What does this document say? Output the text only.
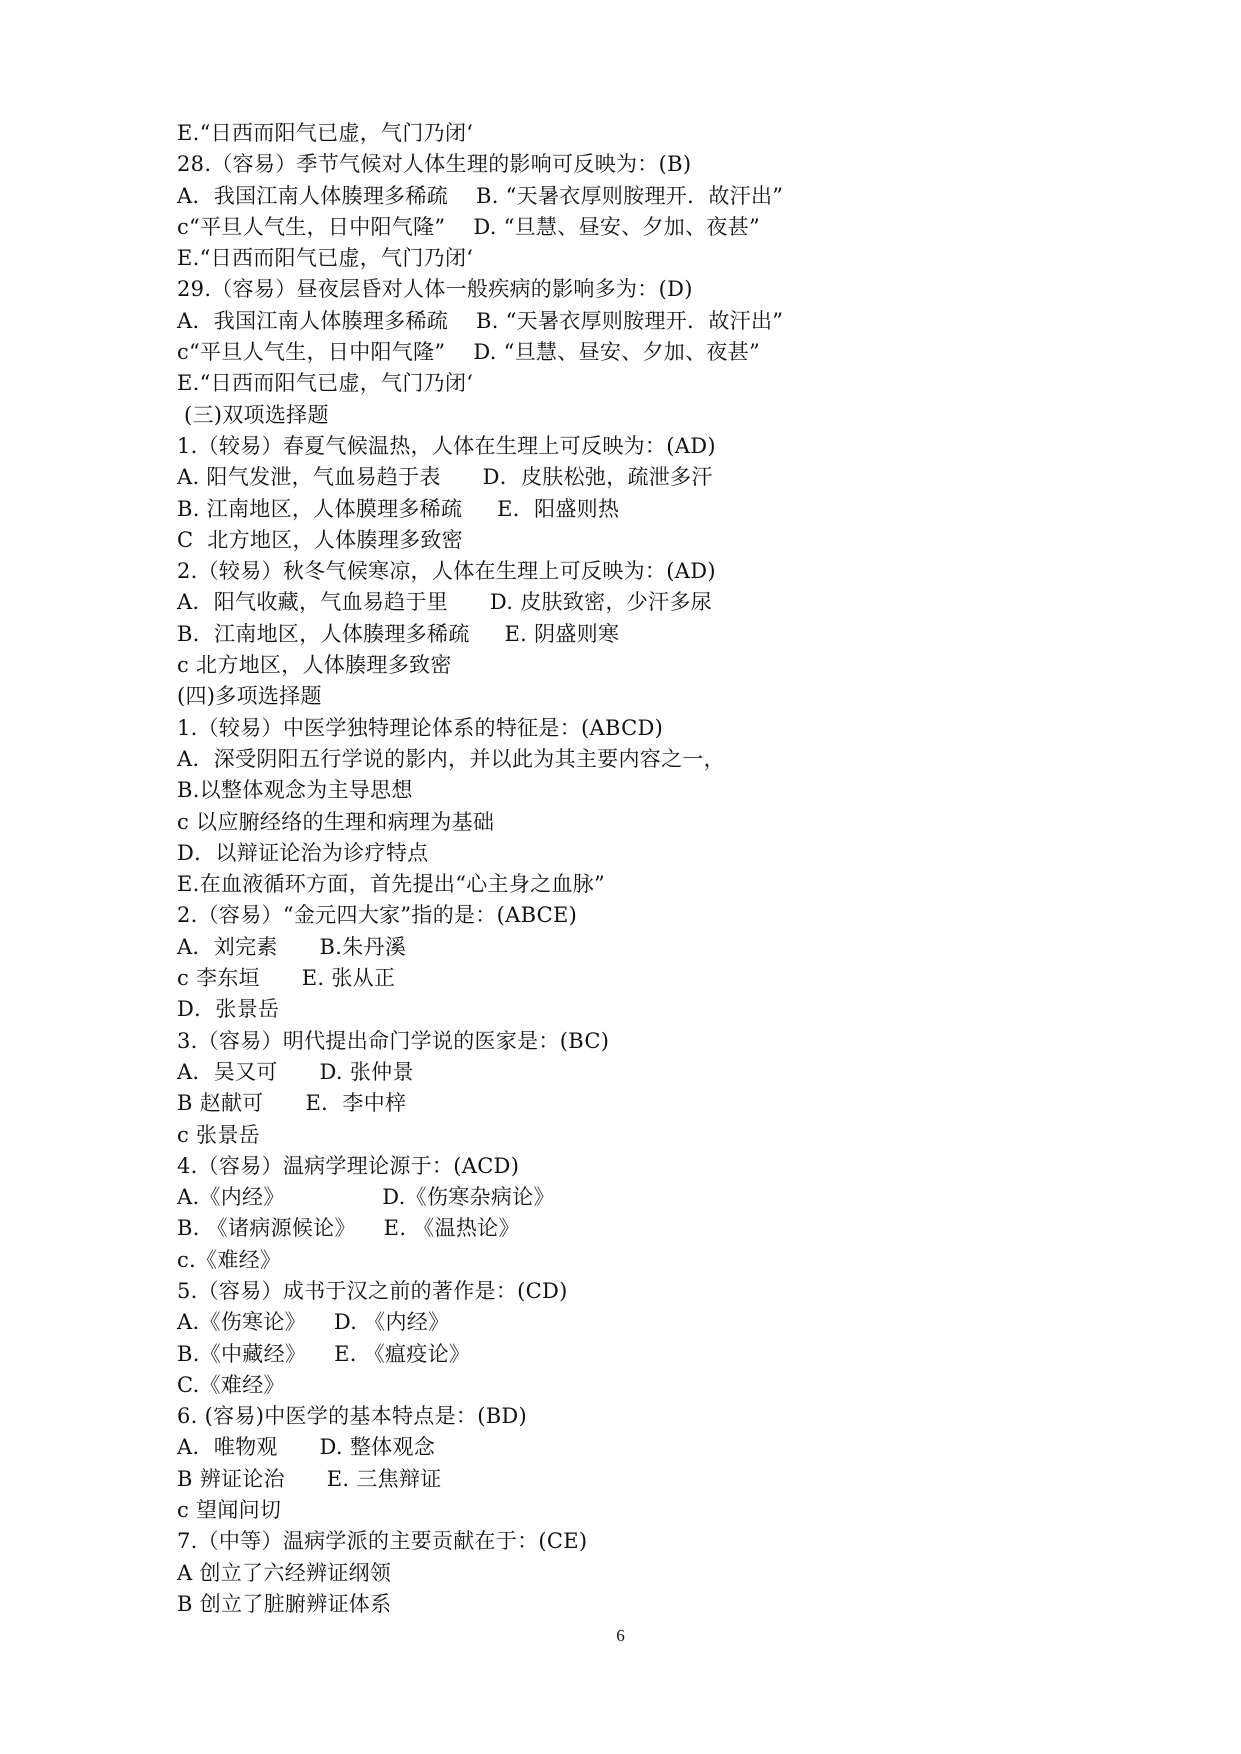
E.“日西而阳气已虚，气门乃闭‘
28.（容易）季节气候对人体生理的影响可反映为：(B)
A．我国江南人体腠理多稀疏    B. “天暑衣厚则胺理开．故汗出”
c“平旦人气生，日中阳气隆”    D. “旦慧、昼安、夕加、夜甚”
E.“日西而阳气已虚，气门乃闭‘
29.（容易）昼夜层昏对人体一般疾病的影响多为：(D)
A．我国江南人体腠理多稀疏    B. “天暑衣厚则胺理开．故汗出”
c“平旦人气生，日中阳气隆”    D. “旦慧、昼安、夕加、夜甚”
E.“日西而阳气已虚，气门乃闭‘
(三)双项选择题
1.（较易）春夏气候温热，人体在生理上可反映为：(AD)
A. 阳气发泄，气血易趋于表      D．皮肤松弛，疏泄多汗
B. 江南地区，人体膜理多稀疏     E．阳盛则热
C  北方地区，人体腠理多致密
2.（较易）秋冬气候寒凉，人体在生理上可反映为：(AD)
A．阳气收藏，气血易趋于里      D. 皮肤致密，少汗多尿
B．江南地区，人体腠理多稀疏     E. 阴盛则寒
c 北方地区，人体腠理多致密
(四)多项选择题
1.（较易）中医学独特理论体系的特征是：(ABCD)
A．深受阴阳五行学说的影内，并以此为其主要内容之一，
B.以整体观念为主导思想
c 以应腑经络的生理和病理为基础
D．以辩证论治为诊疗特点
E.在血液循环方面，首先提出“心主身之血脉”
2.（容易）“金元四大家”指的是：(ABCE)
A．刘完素      B.朱丹溪
c 李东垣      E. 张从正
D．张景岳
3.（容易）明代提出命门学说的医家是：(BC)
A．吴又可      D. 张仲景
B 赵献可      E．李中梓
c 张景岳
4.（容易）温病学理论源于：(ACD)
A.《内经》              D.《伤寒杂病论》
B. 《诸病源候论》    E. 《温热论》
c.《难经》
5.（容易）成书于汉之前的著作是：(CD)
A.《伤寒论》    D. 《内经》
B.《中藏经》    E. 《瘟疫论》
C.《难经》
6. (容易)中医学的基本特点是：(BD)
A．唯物观      D. 整体观念
B 辨证论治      E. 三焦辩证
c 望闻问切
7.（中等）温病学派的主要贡献在于：(CE)
A 创立了六经辨证纲领
B 创立了脏腑辨证体系
6
